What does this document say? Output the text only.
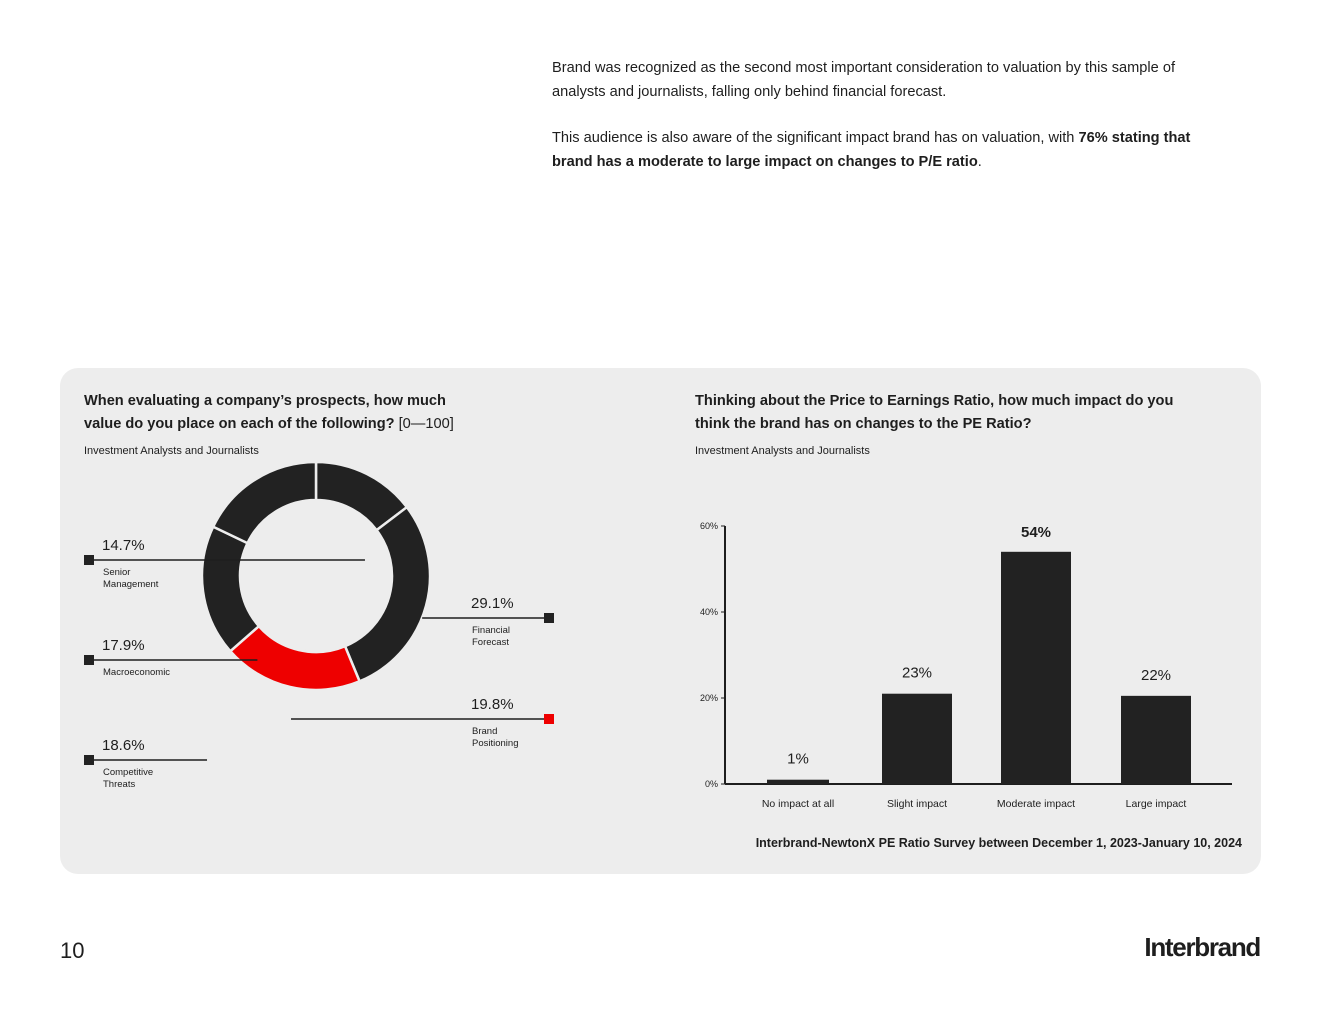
Brand was recognized as the second most important consideration to valuation by this sample of analysts and journalists, falling only behind financial forecast.

This audience is also aware of the significant impact brand has on valuation, with 76% stating that brand has a moderate to large impact on changes to P/E ratio.

When evaluating a company’s prospects, how much value do you place on each of the following? [0—100]
Investment Analysts and Journalists
Thinking about the Price to Earnings Ratio, how much impact do you think the brand has on changes to the PE Ratio?
Investment Analysts and Journalists
14.7%
Senior
Management
29.1%
Financial
Forecast
19.8%
Brand
Positioning
18.6%
Competitive
Threats
17.9%
Macroeconomic
0%
20%
40%
60%
1%
No impact at all
23%
Slight impact
54%
Moderate impact
22%
Large impact
Interbrand-NewtonX PE Ratio Survey between December 1, 2023-January 10, 2024
10	Interbrand
